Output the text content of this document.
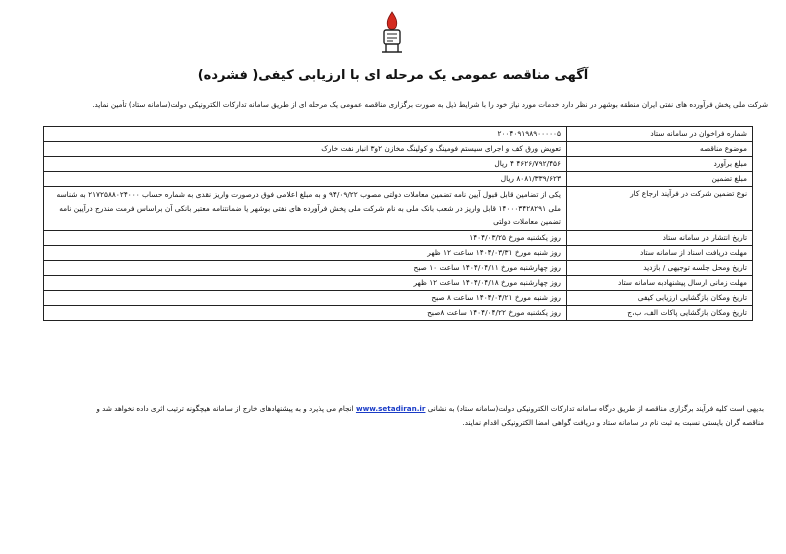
آگهی مناقصه عمومی یک مرحله ای با ارزیابی کیفی( فشرده)
شرکت ملی پخش فرآورده های نفتی ایران منطقه بوشهر در نظر دارد خدمات مورد نیاز خود را با شرایط ذیل به صورت برگزاری مناقصه عمومی یک مرحله ای از طریق سامانه تدارکات الکترونیکی دولت(سامانه ستاد) تأمین نماید.
شماره فراخوان در سامانه ستاد	۲۰۰۴۰۹۱۹۸۹۰۰۰۰۰۵
موضوع مناقصه	تعویض ورق کف و اجرای سیستم فومینگ و کولینگ مخازن ۲و۳ انبار نفت خارک
مبلغ برآورد	۴۶۲۶/۷۹۲/۴۵۶ ۴ ریال
مبلغ تضمین	۸۰۸۱/۳۳۹/۶۲۳ ریال
نوع تضمین شرکت در فرآیند ارجاع کار	یکی از تضامین قابل قبول آیین نامه تضمین معاملات دولتی مصوب ۹۴/۰۹/۲۲ و به مبلغ اعلامی فوق درصورت واریز نقدی به شماره حساب ۲۱۷۲۵۸۸۰۲۴۰۰۰ به شناسه ملی ۱۴۰۰۰۳۴۲۸۲۹۱ قابل واریز در شعب بانک ملی به نام شرکت ملی پخش فرآورده های نفتی بوشهر یا ضمانتنامه معتبر بانکی آن براساس فرمت مندرج درآیین نامه تضمین معاملات دولتی
تاریخ انتشار در سامانه ستاد	روز یکشنبه مورخ ۱۴۰۴/۰۳/۲۵
مهلت دریافت اسناد از سامانه ستاد	روز شنبه مورخ ۱۴۰۴/۰۳/۳۱ ساعت ۱۲ ظهر
تاریخ ومحل جلسه توجیهی / بازدید	روز چهارشنبه مورخ ۱۴۰۴/۰۴/۱۱ ساعت ۱۰ صبح
مهلت زمانی ارسال پیشنهادبه سامانه ستاد	روز چهارشنبه مورخ ۱۴۰۴/۰۴/۱۸ ساعت ۱۲ ظهر
تاریخ ومکان بازگشایی ارزیابی کیفی	روز شنبه مورخ ۱۴۰۴/۰۴/۲۱ ساعت ۸ صبح
تاریخ ومکان بازگشایی پاکات الف، ب،ج	روز یکشنبه مورخ ۱۴۰۴/۰۴/۲۲ ساعت ۸صبح
بدیهی است کلیه فرآیند برگزاری مناقصه از طریق درگاه سامانه تدارکات الکترونیکی دولت(سامانه ستاد) به نشانی www.setadiran.ir انجام می پذیرد و به پیشنهادهای خارج از سامانه هیچگونه ترتیب اثری داده نخواهد شد و
مناقصه گران بایستی نسبت به ثبت نام در سامانه ستاد و دریافت گواهی امضا الکترونیکی اقدام نمایند.
